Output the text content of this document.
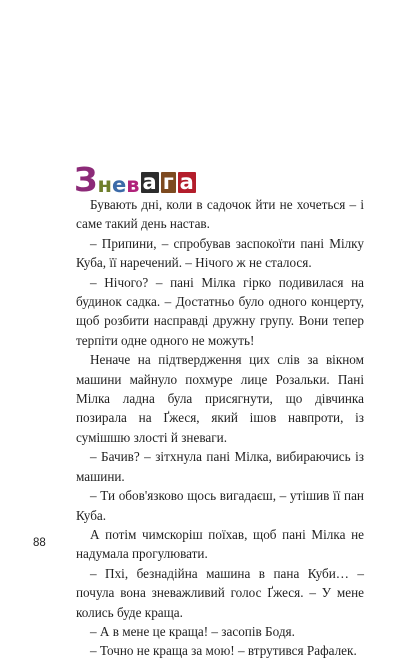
З н е в а г а

Бувають дні, коли в садочок йти не хочеться – і саме такий день настав.

– Припини, – спробував заспокоїти пані Мілку Куба, її наречений. – Нічого ж не сталося.

– Нічого? – пані Мілка гірко подивилася на будинок садка. – Достатньо було одного концерту, щоб розбити насправді дружну групу. Вони тепер терпіти одне одного не можуть!

Неначе на підтвердження цих слів за вікном машини майнуло похмуре лице Розальки. Пані Мілка ладна була присягнути, що дівчинка позирала на Ґжеся, який ішов навпроти, із сумішшю злості й зневаги.

– Бачив? – зітхнула пані Мілка, вибираючись із машини.

– Ти обов'язково щось вигадаєш, – утішив її пан Куба.

А потім чимскоріш поїхав, щоб пані Мілка не надумала прогулювати.

– Пхі, безнадійна машина в пана Куби… – почула вона зневажливий голос Ґжеся. – У мене колись буде краща.

– А в мене це краща! – засопів Бодя.

– Точно не краща за мою! – втрутився Рафалек.

88
